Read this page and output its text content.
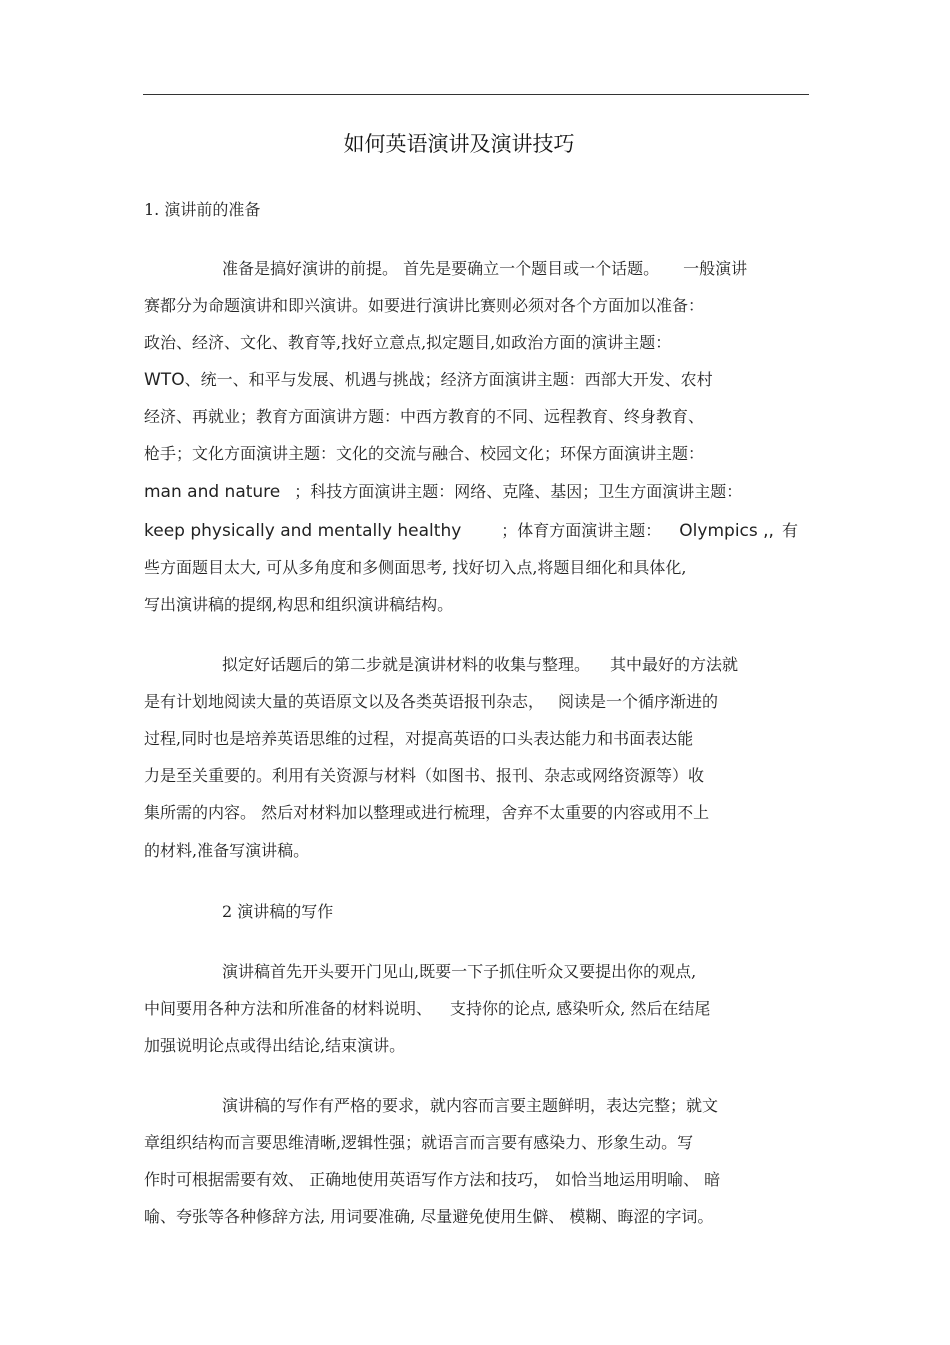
如何英语演讲及演讲技巧
1. 演讲前的准备
准备是搞好演讲的前提。 首先是要确立一个题目或一个话题。 一般演讲
赛都分为命题演讲和即兴演讲。如要进行演讲比赛则必须对各个方面加以准备：
政治、经济、文化、教育等,找好立意点,拟定题目,如政治方面的演讲主题：
WTO、统一、和平与发展、机遇与挑战；经济方面演讲主题：西部大开发、农村
经济、再就业；教育方面演讲方题：中西方教育的不同、远程教育、终身教育、
枪手；文化方面演讲主题：文化的交流与融合、校园文化；环保方面演讲主题：
man and nature ；科技方面演讲主题：网络、克隆、基因；卫生方面演讲主题：
keep physically and mentally healthy	；体育方面演讲主题： Olympics ,, 有
些方面题目太大, 可从多角度和多侧面思考, 找好切入点,将题目细化和具体化,
写出演讲稿的提纲,构思和组织演讲稿结构。
拟定好话题后的第二步就是演讲材料的收集与整理。 其中最好的方法就
是有计划地阅读大量的英语原文以及各类英语报刊杂志， 阅读是一个循序渐进的
过程,同时也是培养英语思维的过程，对提高英语的口头表达能力和书面表达能
力是至关重要的。利用有关资源与材料（如图书、报刊、杂志或网络资源等）收
集所需的内容。 然后对材料加以整理或进行梳理，舍弃不太重要的内容或用不上
的材料,准备写演讲稿。
2 演讲稿的写作
演讲稿首先开头要开门见山,既要一下子抓住听众又要提出你的观点,
中间要用各种方法和所准备的材料说明、 支持你的论点, 感染听众, 然后在结尾
加强说明论点或得出结论,结束演讲。
演讲稿的写作有严格的要求，就内容而言要主题鲜明，表达完整；就文
章组织结构而言要思维清晰,逻辑性强；就语言而言要有感染力、形象生动。写
作时可根据需要有效、 正确地使用英语写作方法和技巧， 如恰当地运用明喻、 暗
喻、夸张等各种修辞方法, 用词要准确, 尽量避免使用生僻、 模糊、晦涩的字词。
